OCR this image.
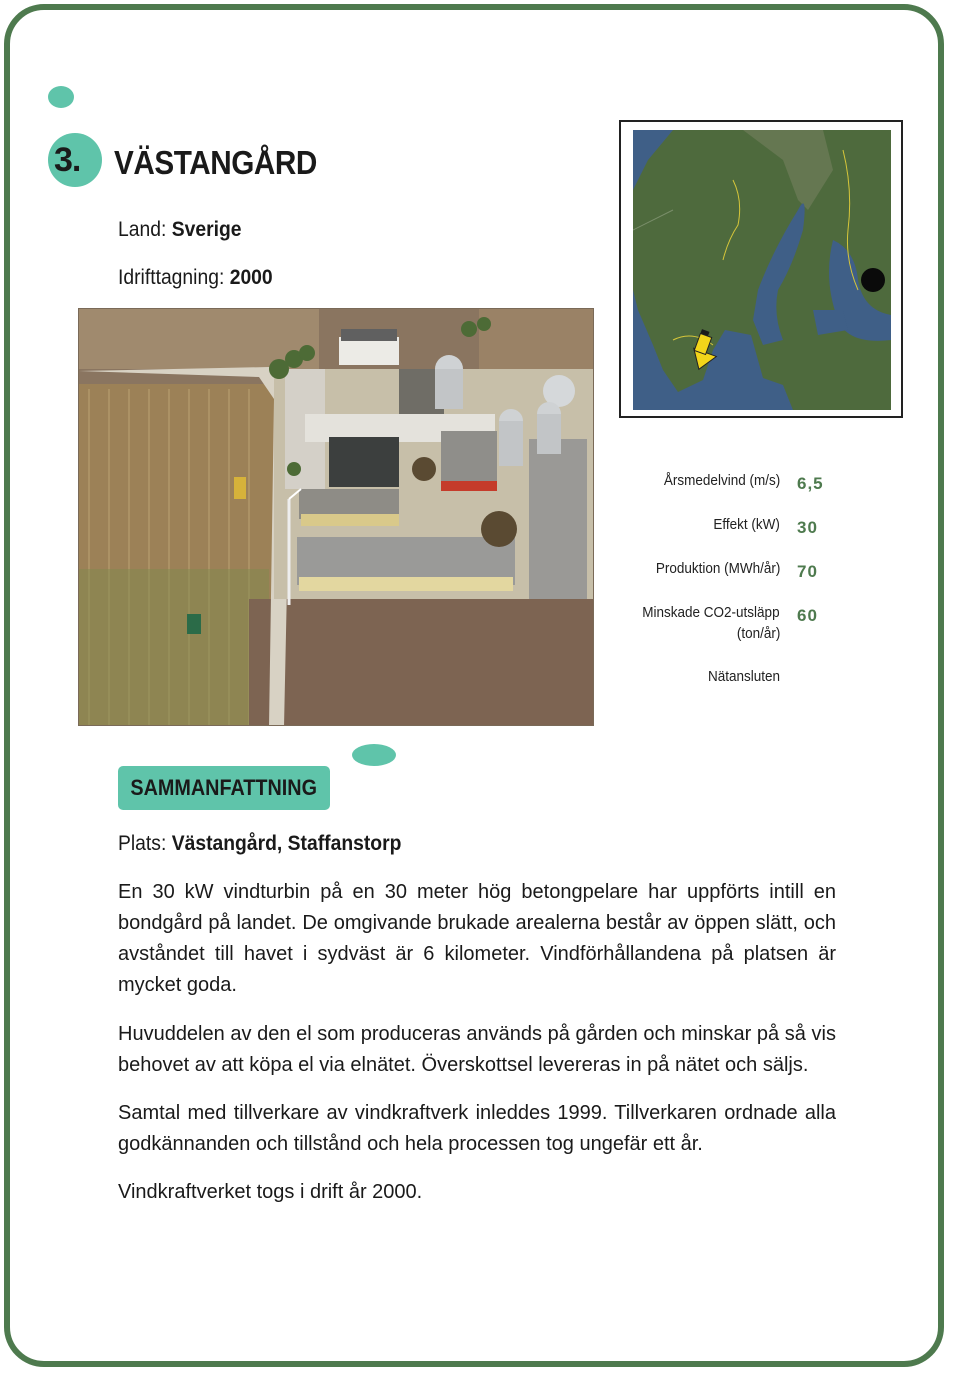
3.	VÄSTANGÅRD
Land: Sverige
Idrifttagning: 2000
Årsmedelvind (m/s) 6,5
Effekt (kW) 30
Produktion (MWh/år) 70
Minskade CO2-utsläpp
(ton/år)
60
Nätansluten
SAMMANFATTNING
Plats: Västangård, Staffanstorp

En 30 kW vindturbin på en 30 meter hög betongpelare har uppförts intill en bondgård på landet. De omgivande brukade arealerna består av öppen slätt, och avståndet till havet i sydväst är 6 kilometer. Vindförhållandena på platsen är mycket goda.

Huvuddelen av den el som produceras används på gården och minskar på så vis behovet av att köpa el via elnätet. Överskottsel levereras in på nätet och säljs.

Samtal med tillverkare av vindkraftverk inleddes 1999. Tillverkaren ordnade alla godkännanden och tillstånd och hela processen tog ungefär ett år.

Vindkraftverket togs i drift år 2000.
